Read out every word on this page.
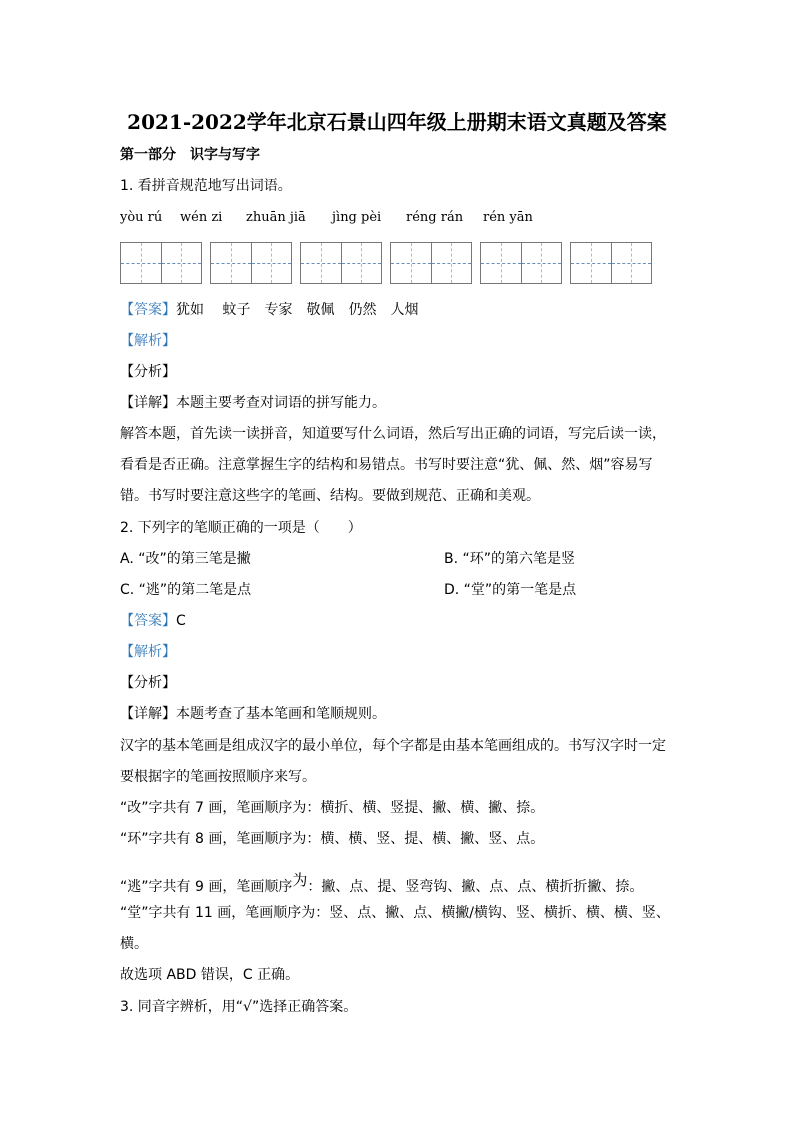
2021-2022学年北京石景山四年级上册期末语文真题及答案
第一部分　识字与写字
1. 看拼音规范地写出词语。
yòu rú wén zi zhuān jiā jìng pèi réng rán rén yān
【答案】犹如　 蚊子　专家　敬佩　仍然　人烟
【解析】
【分析】
【详解】本题主要考查对词语的拼写能力。
解答本题，首先读一读拼音，知道要写什么词语，然后写出正确的词语，写完后读一读，
看看是否正确。注意掌握生字的结构和易错点。书写时要注意“犹、佩、然、烟”容易写
错。书写时要注意这些字的笔画、结构。要做到规范、正确和美观。
2. 下列字的笔顺正确的一项是（　　）
A. “改”的第三笔是撇	B. “环”的第六笔是竖
C. “逃”的第二笔是点	D. “堂”的第一笔是点
【答案】C
【解析】
【分析】
【详解】本题考查了基本笔画和笔顺规则。
汉字的基本笔画是组成汉字的最小单位，每个字都是由基本笔画组成的。书写汉字时一定
要根据字的笔画按照顺序来写。
“改”字共有 7 画，笔画顺序为：横折、横、竖提、撇、横、撇、捺。
“环”字共有 8 画，笔画顺序为：横、横、竖、提、横、撇、竖、点。
“逃”字共有 9 画，笔画顺序$^为$：撇、点、提、竖弯钩、撇、点、点、横折折撇、捺。
“堂”字共有 11 画，笔画顺序为：竖、点、撇、点、横撇/横钩、竖、横折、横、横、竖、
横。
故选项 ABD 错误，C 正确。
3. 同音字辨析，用“√”选择正确答案。
